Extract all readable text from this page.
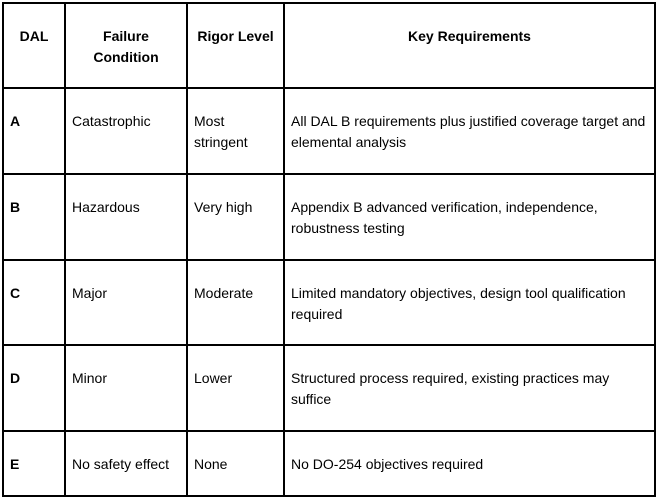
DAL	Failure Condition	Rigor Level	Key Requirements
A	Catastrophic	Most stringent	All DAL B requirements plus justified coverage target and elemental analysis
B	Hazardous	Very high	Appendix B advanced verification, independence, robustness testing
C	Major	Moderate	Limited mandatory objectives, design tool qualification required
D	Minor	Lower	Structured process required, existing practices may suffice
E	No safety effect	None	No DO-254 objectives required
